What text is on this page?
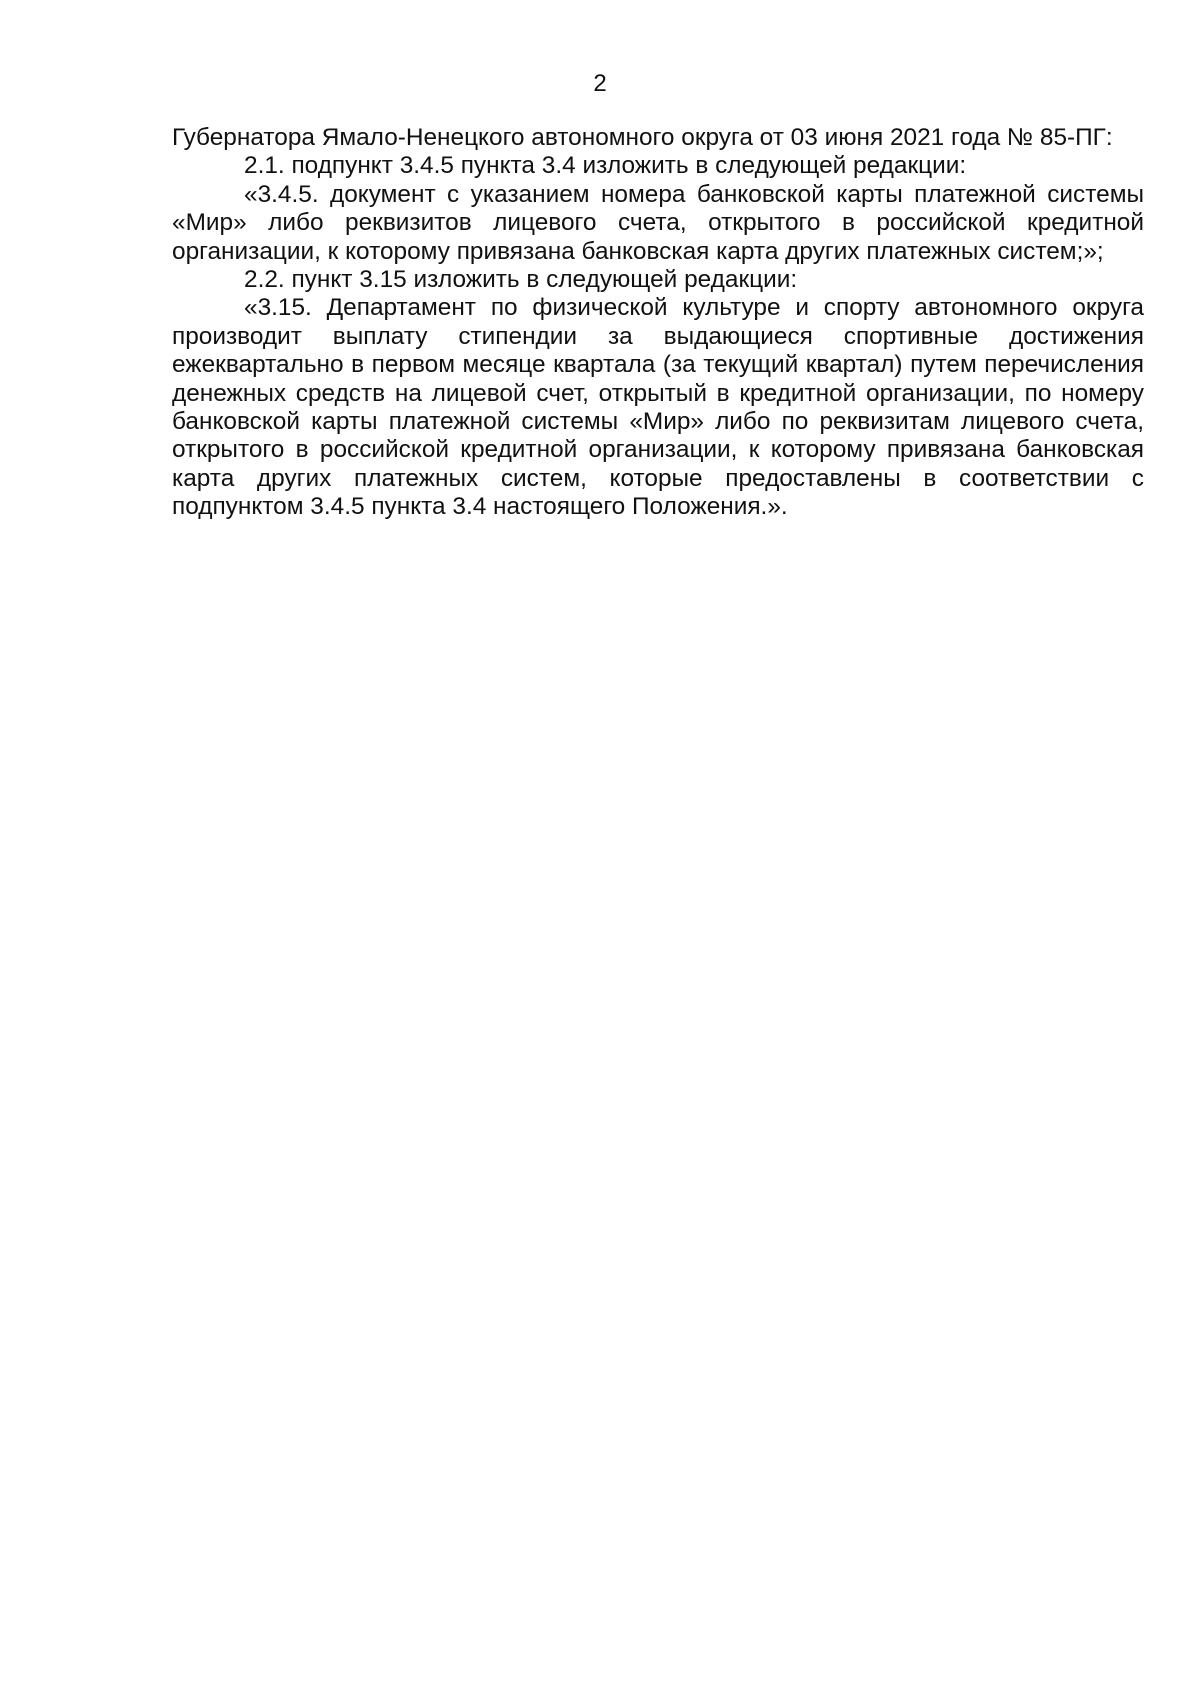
2

Губернатора Ямало-Ненецкого автономного округа от 03 июня 2021 года № 85-ПГ:

2.1. подпункт 3.4.5 пункта 3.4 изложить в следующей редакции:

«3.4.5. документ с указанием номера банковской карты платежной системы «Мир» либо реквизитов лицевого счета, открытого в российской кредитной организации, к которому привязана банковская карта других платежных систем;»;

2.2. пункт 3.15 изложить в следующей редакции:

«3.15. Департамент по физической культуре и спорту автономного округа производит выплату стипендии за выдающиеся спортивные достижения ежеквартально в первом месяце квартала (за текущий квартал) путем перечисления денежных средств на лицевой счет, открытый в кредитной организации, по номеру банковской карты платежной системы «Мир» либо по реквизитам лицевого счета, открытого в российской кредитной организации, к которому привязана банковская карта других платежных систем, которые предоставлены в соответствии с подпунктом 3.4.5 пункта 3.4 настоящего Положения.».
